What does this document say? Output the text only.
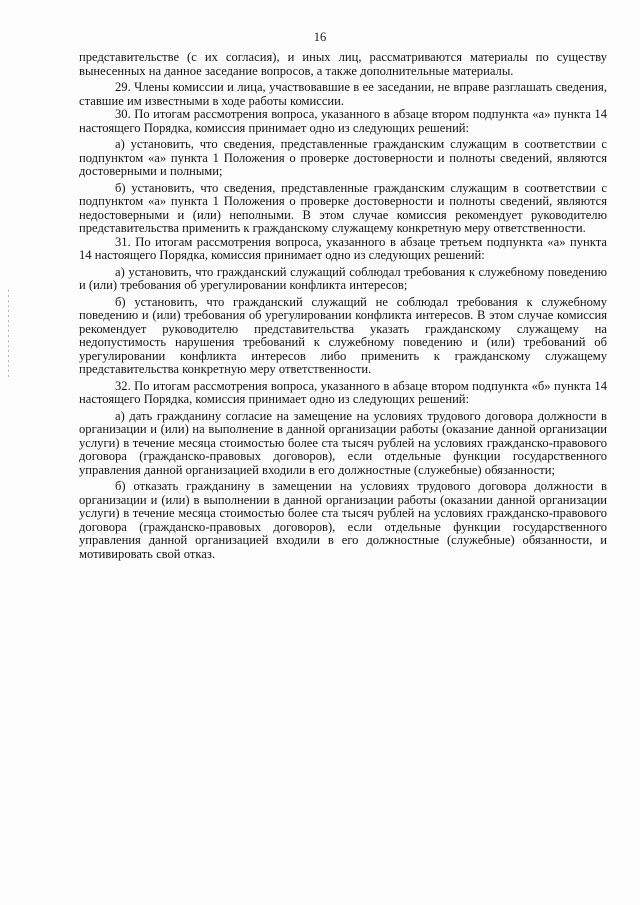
16

представительстве (с их согласия), и иных лиц, рассматриваются материалы по существу вынесенных на данное заседание вопросов, а также дополнительные материалы.

29. Члены комиссии и лица, участвовавшие в ее заседании, не вправе разглашать сведения, ставшие им известными в ходе работы комиссии.

30. По итогам рассмотрения вопроса, указанного в абзаце втором подпункта «а» пункта 14 настоящего Порядка, комиссия принимает одно из следующих решений:

а) установить, что сведения, представленные гражданским служащим в соответствии с подпунктом «а» пункта 1 Положения о проверке достоверности и полноты сведений, являются достоверными и полными;

б) установить, что сведения, представленные гражданским служащим в соответствии с подпунктом «а» пункта 1 Положения о проверке достоверности и полноты сведений, являются недостоверными и (или) неполными. В этом случае комиссия рекомендует руководителю представительства применить к гражданскому служащему конкретную меру ответственности.

31. По итогам рассмотрения вопроса, указанного в абзаце третьем подпункта «а» пункта 14 настоящего Порядка, комиссия принимает одно из следующих решений:

а) установить, что гражданский служащий соблюдал требования к служебному поведению и (или) требования об урегулировании конфликта интересов;

б) установить, что гражданский служащий не соблюдал требования к служебному поведению и (или) требования об урегулировании конфликта интересов. В этом случае комиссия рекомендует руководителю представительства указать гражданскому служащему на недопустимость нарушения требований к служебному поведению и (или) требований об урегулировании конфликта интересов либо применить к гражданскому служащему представительства конкретную меру ответственности.

32. По итогам рассмотрения вопроса, указанного в абзаце втором подпункта «б» пункта 14 настоящего Порядка, комиссия принимает одно из следующих решений:

а) дать гражданину согласие на замещение на условиях трудового договора должности в организации и (или) на выполнение в данной организации работы (оказание данной организации услуги) в течение месяца стоимостью более ста тысяч рублей на условиях гражданско-правового договора (гражданско-правовых договоров), если отдельные функции государственного управления данной организацией входили в его должностные (служебные) обязанности;

б) отказать гражданину в замещении на условиях трудового договора должности в организации и (или) в выполнении в данной организации работы (оказании данной организации услуги) в течение месяца стоимостью более ста тысяч рублей на условиях гражданско-правового договора (гражданско-правовых договоров), если отдельные функции государственного управления данной организацией входили в его должностные (служебные) обязанности, и мотивировать свой отказ.
